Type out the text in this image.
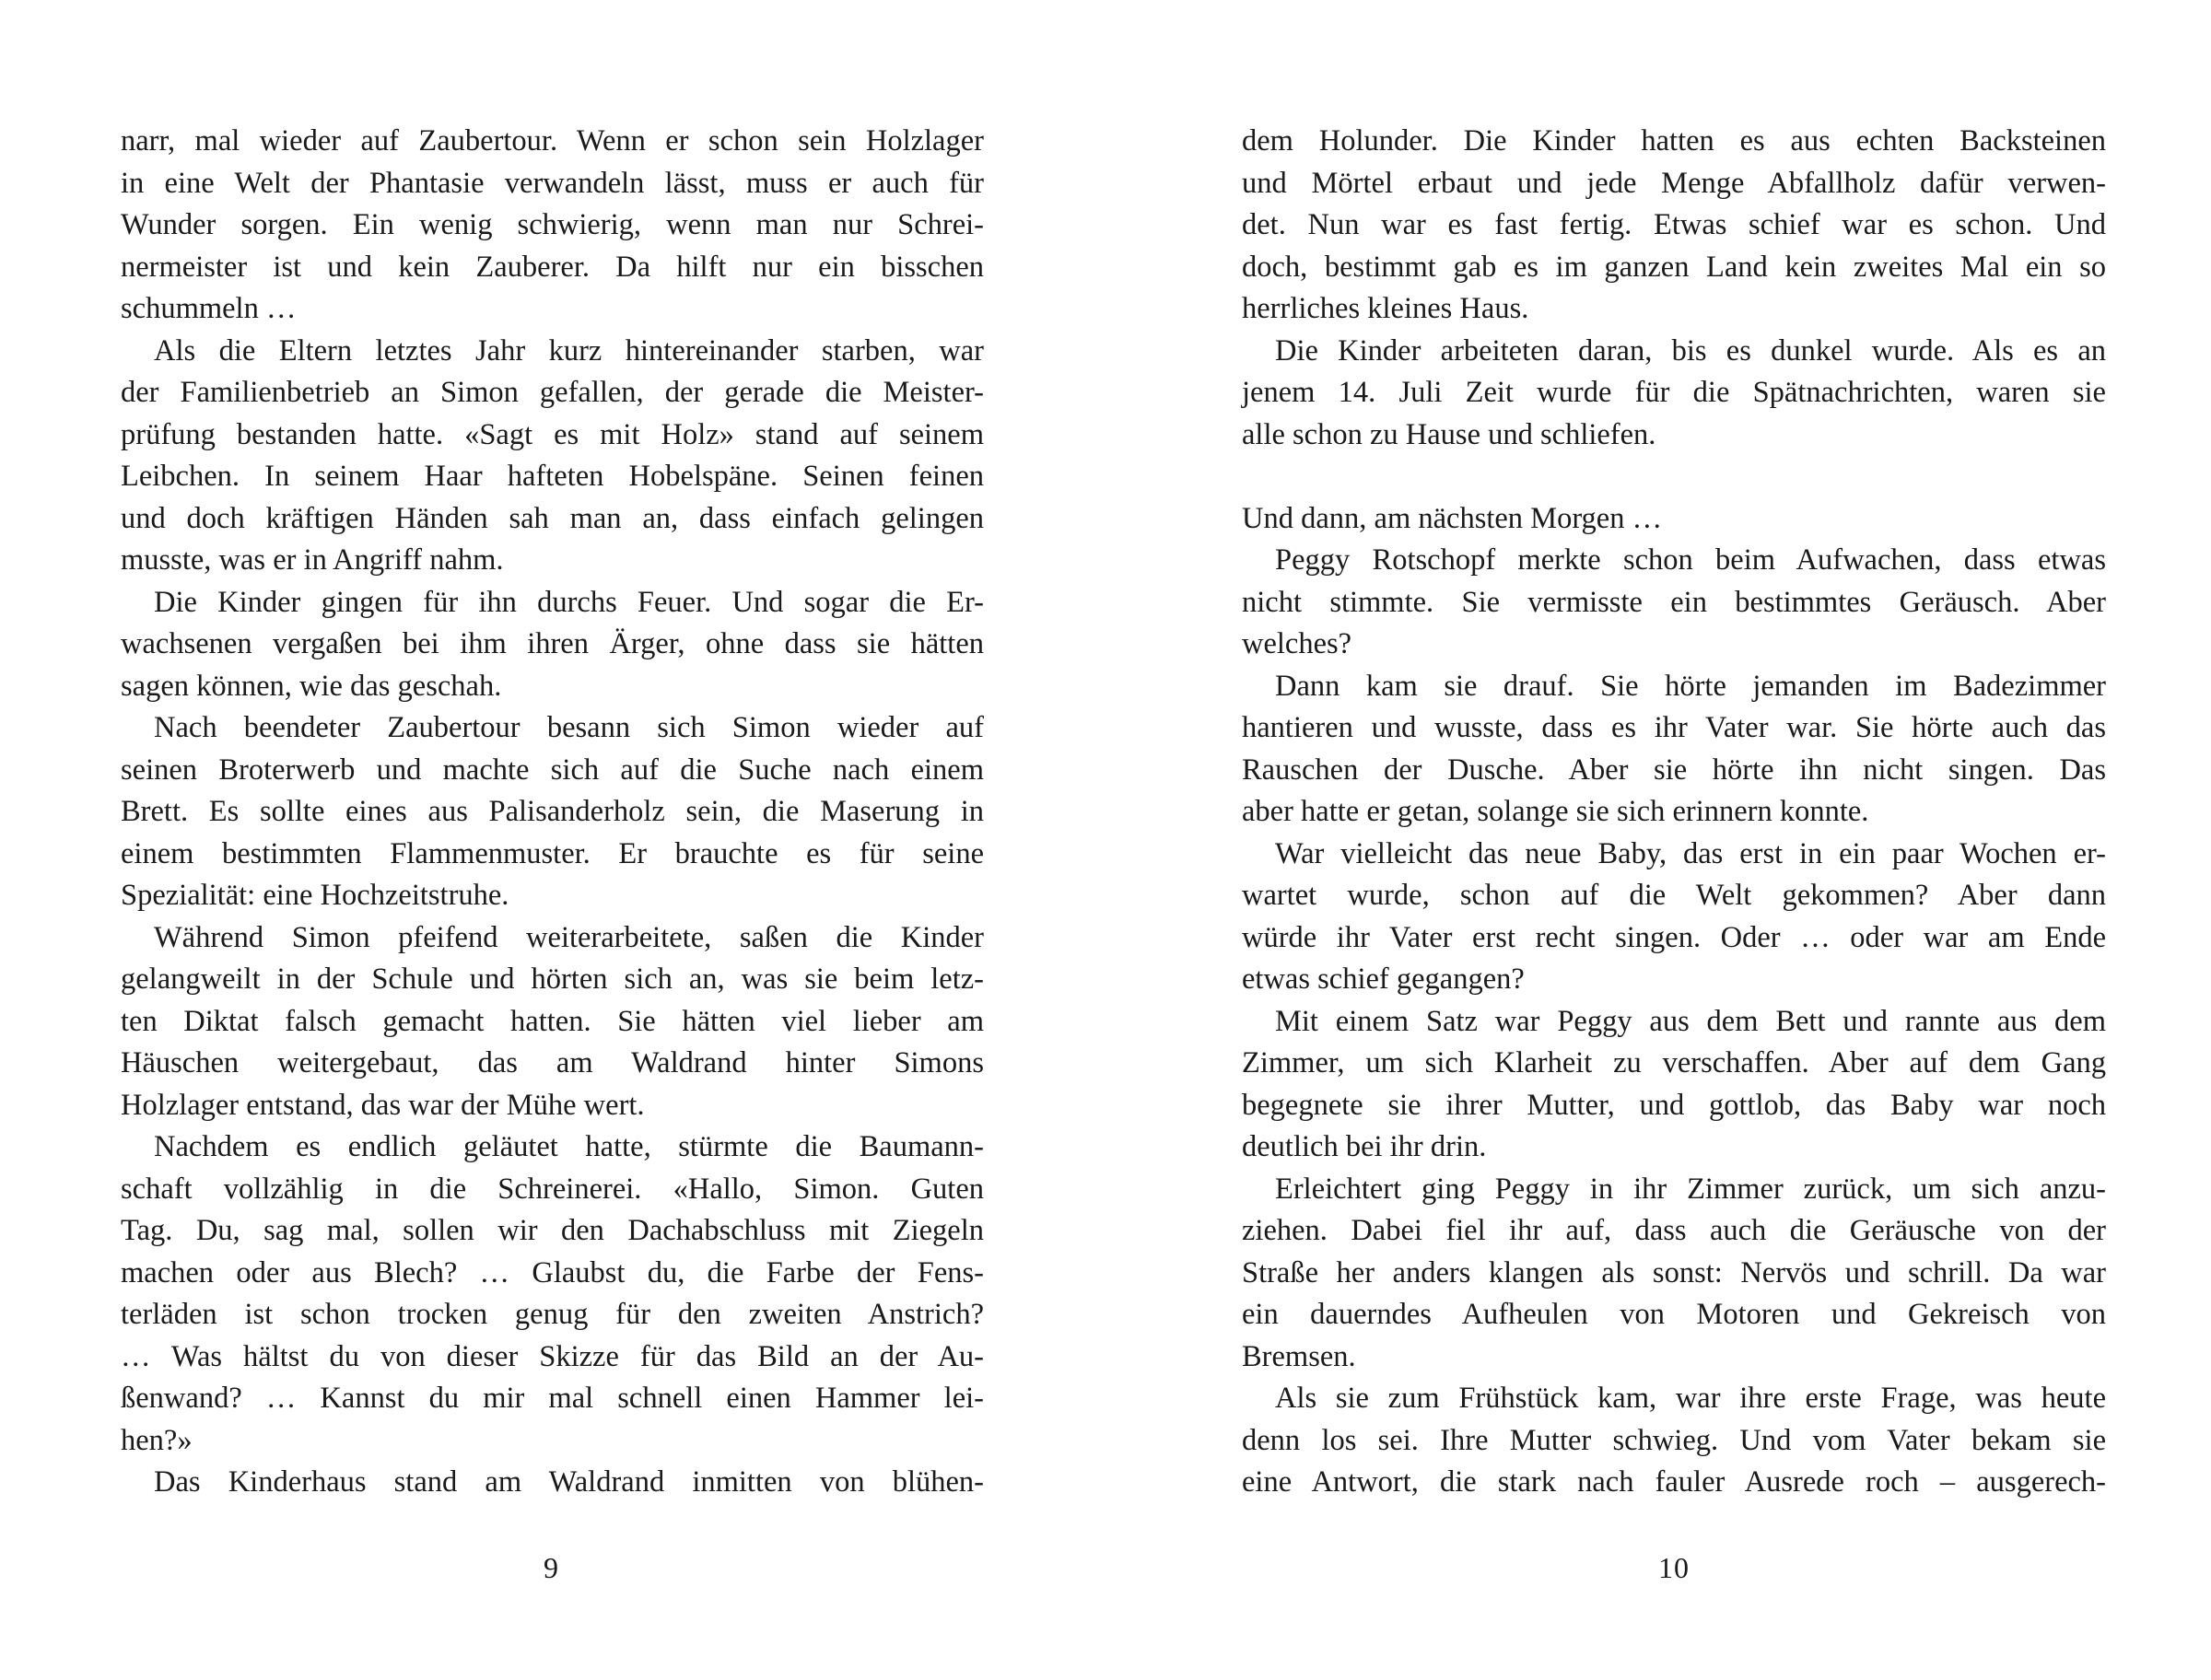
narr, mal wieder auf Zaubertour. Wenn er schon sein Holzlager
in eine Welt der Phantasie verwandeln lässt, muss er auch für
Wunder sorgen. Ein wenig schwierig, wenn man nur Schrei-
nermeister ist und kein Zauberer. Da hilft nur ein bisschen
schummeln …
Als die Eltern letztes Jahr kurz hintereinander starben, war
der Familienbetrieb an Simon gefallen, der gerade die Meister-
prüfung bestanden hatte. «Sagt es mit Holz» stand auf seinem
Leibchen. In seinem Haar hafteten Hobelspäne. Seinen feinen
und doch kräftigen Händen sah man an, dass einfach gelingen
musste, was er in Angriff nahm.
Die Kinder gingen für ihn durchs Feuer. Und sogar die Er-
wachsenen vergaßen bei ihm ihren Ärger, ohne dass sie hätten
sagen können, wie das geschah.
Nach beendeter Zaubertour besann sich Simon wieder auf
seinen Broterwerb und machte sich auf die Suche nach einem
Brett. Es sollte eines aus Palisanderholz sein, die Maserung in
einem bestimmten Flammenmuster. Er brauchte es für seine
Spezialität: eine Hochzeitstruhe.
Während Simon pfeifend weiterarbeitete, saßen die Kinder
gelangweilt in der Schule und hörten sich an, was sie beim letz-
ten Diktat falsch gemacht hatten. Sie hätten viel lieber am
Häuschen weitergebaut, das am Waldrand hinter Simons
Holzlager entstand, das war der Mühe wert.
Nachdem es endlich geläutet hatte, stürmte die Baumann-
schaft vollzählig in die Schreinerei. «Hallo, Simon. Guten
Tag. Du, sag mal, sollen wir den Dachabschluss mit Ziegeln
machen oder aus Blech? … Glaubst du, die Farbe der Fens-
terläden ist schon trocken genug für den zweiten Anstrich?
… Was hältst du von dieser Skizze für das Bild an der Au-
ßenwand? … Kannst du mir mal schnell einen Hammer lei-
hen?»
Das Kinderhaus stand am Waldrand inmitten von blühen-
dem Holunder. Die Kinder hatten es aus echten Backsteinen
und Mörtel erbaut und jede Menge Abfallholz dafür verwen-
det. Nun war es fast fertig. Etwas schief war es schon. Und
doch, bestimmt gab es im ganzen Land kein zweites Mal ein so
herrliches kleines Haus.
Die Kinder arbeiteten daran, bis es dunkel wurde. Als es an
jenem 14. Juli Zeit wurde für die Spätnachrichten, waren sie
alle schon zu Hause und schliefen.
Und dann, am nächsten Morgen …
Peggy Rotschopf merkte schon beim Aufwachen, dass etwas
nicht stimmte. Sie vermisste ein bestimmtes Geräusch. Aber
welches?
Dann kam sie drauf. Sie hörte jemanden im Badezimmer
hantieren und wusste, dass es ihr Vater war. Sie hörte auch das
Rauschen der Dusche. Aber sie hörte ihn nicht singen. Das
aber hatte er getan, solange sie sich erinnern konnte.
War vielleicht das neue Baby, das erst in ein paar Wochen er-
wartet wurde, schon auf die Welt gekommen? Aber dann
würde ihr Vater erst recht singen. Oder … oder war am Ende
etwas schief gegangen?
Mit einem Satz war Peggy aus dem Bett und rannte aus dem
Zimmer, um sich Klarheit zu verschaffen. Aber auf dem Gang
begegnete sie ihrer Mutter, und gottlob, das Baby war noch
deutlich bei ihr drin.
Erleichtert ging Peggy in ihr Zimmer zurück, um sich anzu-
ziehen. Dabei fiel ihr auf, dass auch die Geräusche von der
Straße her anders klangen als sonst: Nervös und schrill. Da war
ein dauerndes Aufheulen von Motoren und Gekreisch von
Bremsen.
Als sie zum Frühstück kam, war ihre erste Frage, was heute
denn los sei. Ihre Mutter schwieg. Und vom Vater bekam sie
eine Antwort, die stark nach fauler Ausrede roch – ausgerech-
9	10
